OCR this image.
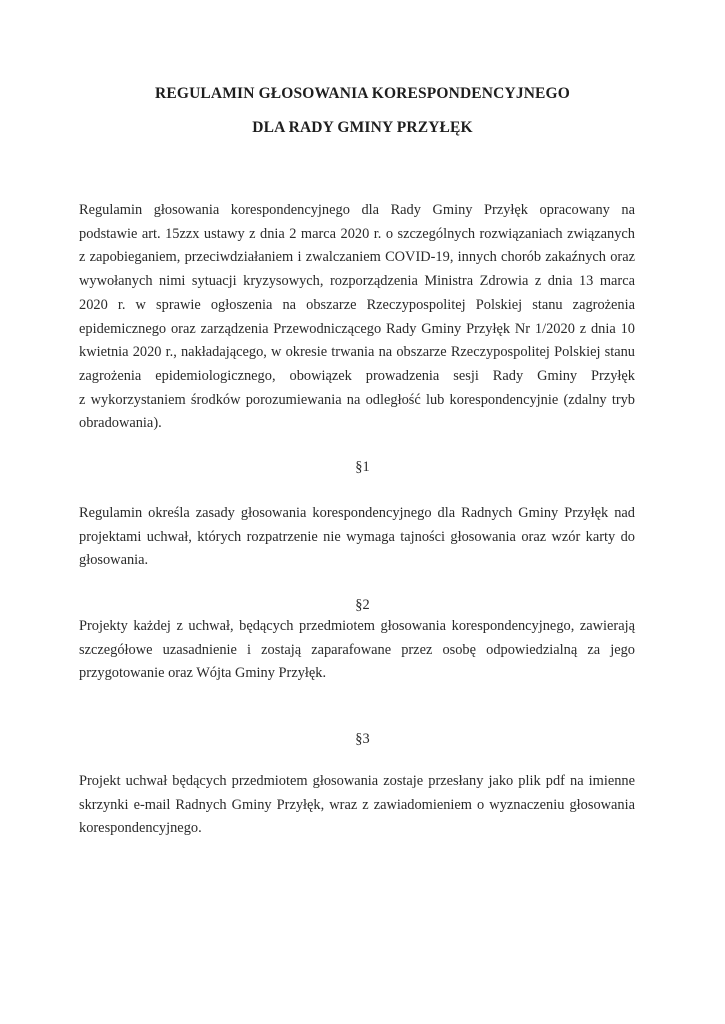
REGULAMIN GŁOSOWANIA KORESPONDENCYJNEGO
DLA RADY GMINY PRZYŁĘK

Regulamin głosowania korespondencyjnego dla Rady Gminy Przyłęk opracowany na
podstawie art. 15zzx ustawy z dnia 2 marca 2020 r. o szczególnych rozwiązaniach związanych
z zapobieganiem, przeciwdziałaniem i zwalczaniem COVID-19, innych chorób zakaźnych oraz
wywołanych nimi sytuacji kryzysowych, rozporządzenia Ministra Zdrowia z dnia 13 marca
2020 r. w sprawie ogłoszenia na obszarze Rzeczypospolitej Polskiej stanu zagrożenia
epidemicznego oraz zarządzenia Przewodniczącego Rady Gminy Przyłęk Nr 1/2020 z dnia 10
kwietnia 2020 r., nakładającego, w okresie trwania na obszarze Rzeczypospolitej Polskiej stanu
zagrożenia epidemiologicznego, obowiązek prowadzenia sesji Rady Gminy Przyłęk
z wykorzystaniem środków porozumiewania na odległość lub korespondencyjnie (zdalny tryb
obradowania).

§1

Regulamin określa zasady głosowania korespondencyjnego dla Radnych Gminy Przyłęk nad
projektami uchwał, których rozpatrzenie nie wymaga tajności głosowania oraz wzór karty do
głosowania.

§2

Projekty każdej z uchwał, będących przedmiotem głosowania korespondencyjnego, zawierają
szczegółowe uzasadnienie i zostają zaparafowane przez osobę odpowiedzialną za jego
przygotowanie oraz Wójta Gminy Przyłęk.

§3

Projekt uchwał będących przedmiotem głosowania zostaje przesłany jako plik pdf na imienne
skrzynki e-mail Radnych Gminy Przyłęk, wraz z zawiadomieniem o wyznaczeniu głosowania
korespondencyjnego.
